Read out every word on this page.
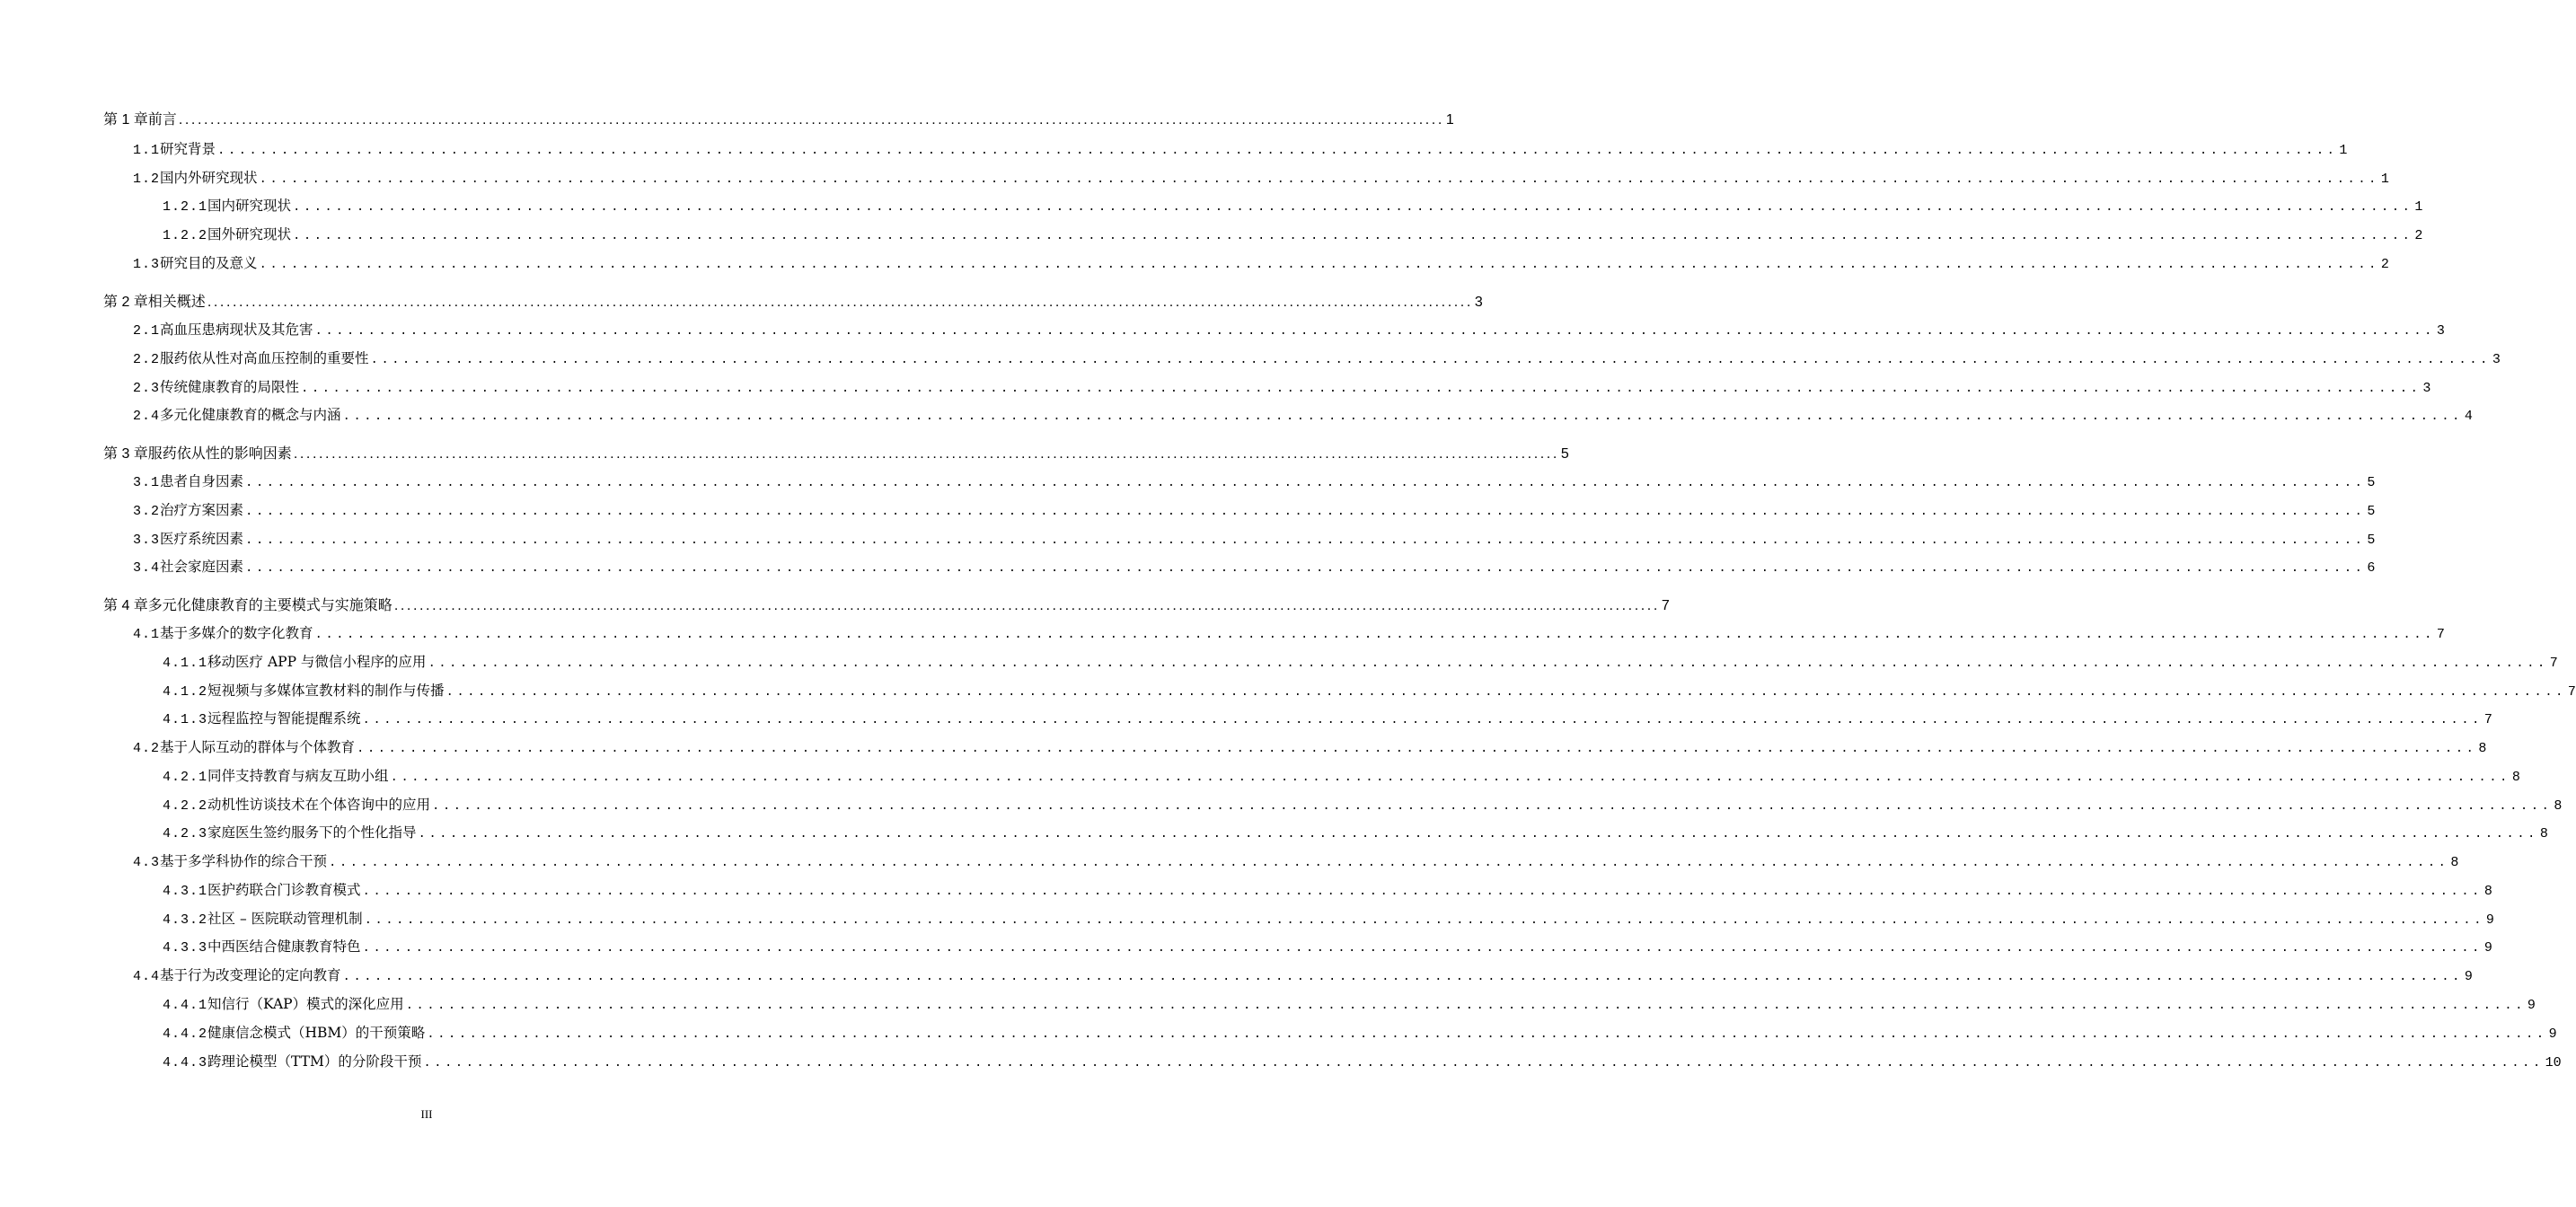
第 1 章 前言 ........................................................................................................................................................................................................ 1
1.1 研究背景 ........................................................................................................................................................................................................ 1
1.2 国内外研究现状 ........................................................................................................................................................................................................ 1
1.2.1 国内研究现状 ........................................................................................................................................................................................................ 1
1.2.2 国外研究现状 ........................................................................................................................................................................................................ 2
1.3 研究目的及意义 ........................................................................................................................................................................................................ 2
第 2 章 相关概述 ........................................................................................................................................................................................................ 3
2.1 高血压患病现状及其危害 ........................................................................................................................................................................................................ 3
2.2 服药依从性对高血压控制的重要性 ........................................................................................................................................................................................................ 3
2.3 传统健康教育的局限性 ........................................................................................................................................................................................................ 3
2.4 多元化健康教育的概念与内涵 ........................................................................................................................................................................................................ 4
第 3 章 服药依从性的影响因素 ........................................................................................................................................................................................................ 5
3.1 患者自身因素 ........................................................................................................................................................................................................ 5
3.2 治疗方案因素 ........................................................................................................................................................................................................ 5
3.3 医疗系统因素 ........................................................................................................................................................................................................ 5
3.4 社会家庭因素 ........................................................................................................................................................................................................ 6
第 4 章 多元化健康教育的主要模式与实施策略 ........................................................................................................................................................................................................ 7
4.1 基于多媒介的数字化教育 ........................................................................................................................................................................................................ 7
4.1.1 移动医疗 APP 与微信小程序的应用 ........................................................................................................................................................................................................ 7
4.1.2 短视频与多媒体宣教材料的制作与传播 ........................................................................................................................................................................................................ 7
4.1.3 远程监控与智能提醒系统 ........................................................................................................................................................................................................ 7
4.2 基于人际互动的群体与个体教育 ........................................................................................................................................................................................................ 8
4.2.1 同伴支持教育与病友互助小组 ........................................................................................................................................................................................................ 8
4.2.2 动机性访谈技术在个体咨询中的应用 ........................................................................................................................................................................................................ 8
4.2.3 家庭医生签约服务下的个性化指导 ........................................................................................................................................................................................................ 8
4.3 基于多学科协作的综合干预 ........................................................................................................................................................................................................ 8
4.3.1 医护药联合门诊教育模式 ........................................................................................................................................................................................................ 8
4.3.2 社区 – 医院联动管理机制 ........................................................................................................................................................................................................ 9
4.3.3 中西医结合健康教育特色 ........................................................................................................................................................................................................ 9
4.4 基于行为改变理论的定向教育 ........................................................................................................................................................................................................ 9
4.4.1 知信行（KAP）模式的深化应用 ........................................................................................................................................................................................................ 9
4.4.2 健康信念模式（HBM）的干预策略 ........................................................................................................................................................................................................ 9
4.4.3 跨理论模型（TTM）的分阶段干预 ........................................................................................................................................................................................................ 10
III
